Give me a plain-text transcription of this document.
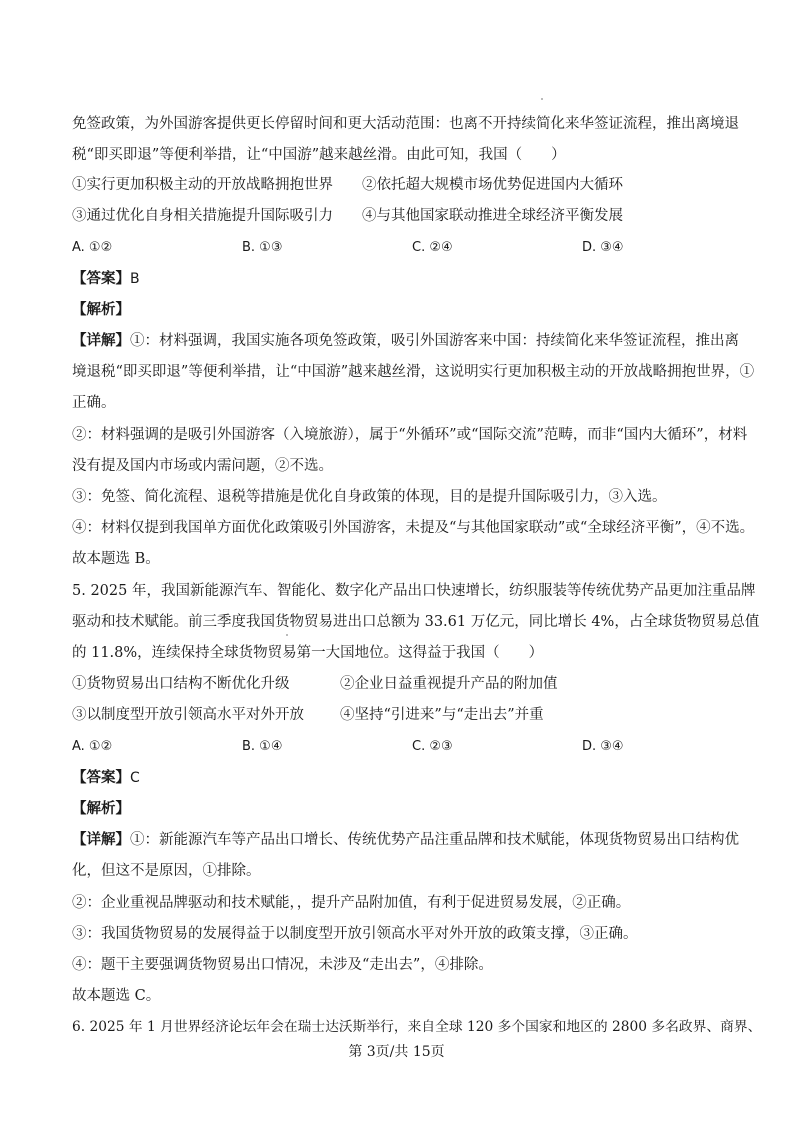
免签政策，为外国游客提供更长停留时间和更大活动范围：也离不开持续简化来华签证流程，推出离境退
税“即买即退”等便利举措，让“中国游”越来越丝滑。由此可知，我国（　　）
①实行更加积极主动的开放战略拥抱世界 ②依托超大规模市场优势促进国内大循环
③通过优化自身相关措施提升国际吸引力 ④与其他国家联动推进全球经济平衡发展
A. ①②	B. ①③	C. ②④	D. ③④
【答案】B
【解析】
【详解】①：材料强调，我国实施各项免签政策，吸引外国游客来中国：持续简化来华签证流程，推出离
境退税“即买即退”等便利举措，让“中国游”越来越丝滑，这说明实行更加积极主动的开放战略拥抱世界，①
正确。
②：材料强调的是吸引外国游客（入境旅游），属于“外循环”或“国际交流”范畴，而非“国内大循环”，材料
没有提及国内市场或内需问题，②不选。
③：免签、简化流程、退税等措施是优化自身政策的体现，目的是提升国际吸引力，③入选。
④：材料仅提到我国单方面优化政策吸引外国游客，未提及“与其他国家联动”或“全球经济平衡”，④不选。
故本题选 B。
5. 2025 年，我国新能源汽车、智能化、数字化产品出口快速增长，纺织服装等传统优势产品更加注重品牌
驱动和技术赋能。前三季度我国货物贸易进出口总额为 33.61 万亿元，同比增长 4%，占全球货物贸易总值
的 11.8%，连续保持全球货物贸易第一大国地位。这得益于我国（　　）
①货物贸易出口结构不断优化升级	②企业日益重视提升产品的附加值
③以制度型开放引领高水平对外开放 ④坚持“引进来”与“走出去”并重
A. ①②	B. ①④	C. ②③	D. ③④
【答案】C
【解析】
【详解】①：新能源汽车等产品出口增长、传统优势产品注重品牌和技术赋能，体现货物贸易出口结构优
化，但这不是原因，①排除。
②：企业重视品牌驱动和技术赋能，，提升产品附加值，有利于促进贸易发展，②正确。
③：我国货物贸易的发展得益于以制度型开放引领高水平对外开放的政策支撑，③正确。
④：题干主要强调货物贸易出口情况，未涉及“走出去”，④排除。
故本题选 C。
6. 2025 年 1 月世界经济论坛年会在瑞士达沃斯举行，来自全球 120 多个国家和地区的 2800 多名政界、商界、
第 3页/共 15页
